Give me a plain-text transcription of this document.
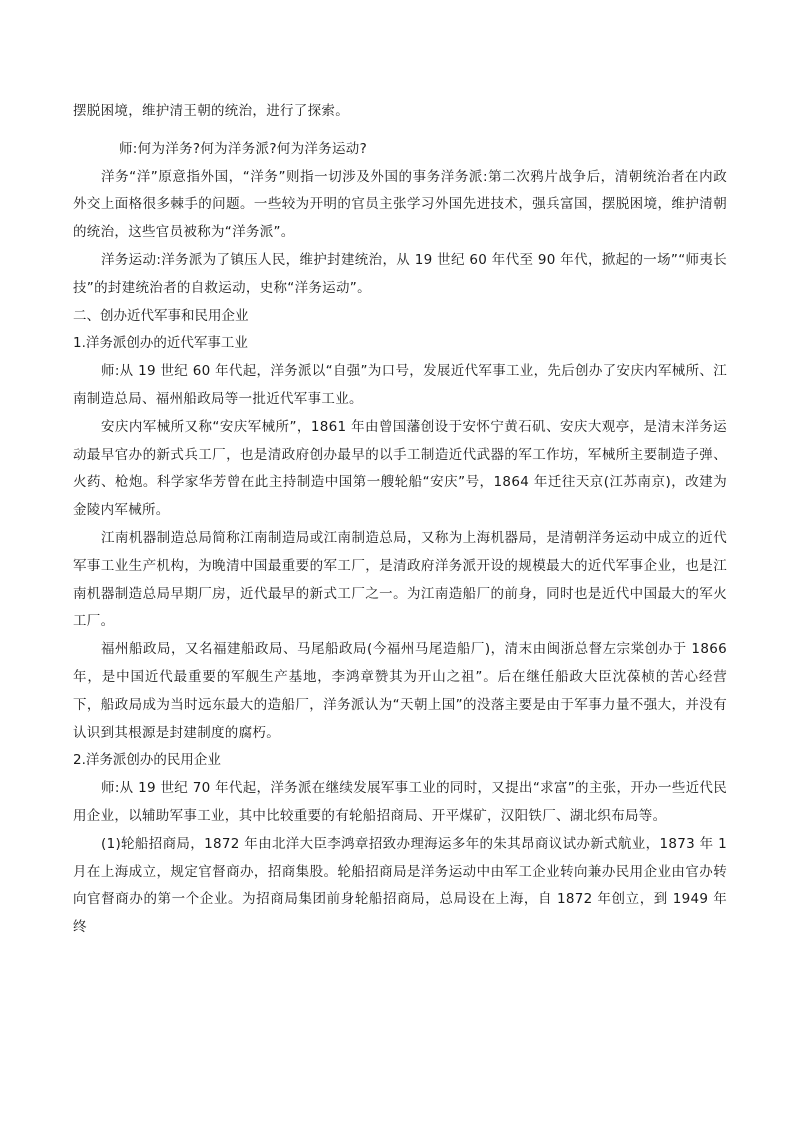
摆脱困境，维护清王朝的统治，进行了探索。

师:何为洋务?何为洋务派?何为洋务运动?

洋务“洋”原意指外国，“洋务”则指一切涉及外国的事务洋务派:第二次鸦片战争后，清朝统治者在内政外交上面格很多棘手的问题。一些较为开明的官员主张学习外国先进技术，强兵富国，摆脱困境，维护清朝的统治，这些官员被称为“洋务派”。

洋务运动:洋务派为了镇压人民，维护封建统治，从 19 世纪 60 年代至 90 年代，掀起的一场”“师夷长技”的封建统治者的自救运动，史称“洋务运动”。

二、创办近代军事和民用企业

1.洋务派创办的近代军事工业

师:从 19 世纪 60 年代起，洋务派以“自强”为口号，发展近代军事工业，先后创办了安庆内军械所、江南制造总局、福州船政局等一批近代军事工业。

安庆内军械所又称“安庆军械所”，1861 年由曾国藩创设于安怀宁黄石矶、安庆大观亭，是清末洋务运动最早官办的新式兵工厂，也是清政府创办最早的以手工制造近代武器的军工作坊，军械所主要制造子弹、火药、枪炮。科学家华芳曾在此主持制造中国第一艘轮船“安庆”号，1864 年迁往天京(江苏南京)，改建为金陵内军械所。

江南机器制造总局简称江南制造局或江南制造总局，又称为上海机器局，是清朝洋务运动中成立的近代军事工业生产机构，为晚清中国最重要的军工厂，是清政府洋务派开设的规模最大的近代军事企业，也是江南机器制造总局早期厂房，近代最早的新式工厂之一。为江南造船厂的前身，同时也是近代中国最大的军火工厂。

福州船政局，又名福建船政局、马尾船政局(今福州马尾造船厂)，清末由闽浙总督左宗棠创办于 1866 年，是中国近代最重要的军舰生产基地，李鸿章赞其为开山之祖”。后在继任船政大臣沈葆桢的苦心经营下，船政局成为当时远东最大的造船厂，洋务派认为“天朝上国”的没落主要是由于军事力量不强大，并没有认识到其根源是封建制度的腐朽。

2.洋务派创办的民用企业

师:从 19 世纪 70 年代起，洋务派在继续发展军事工业的同时，又提出“求富”的主张，开办一些近代民用企业，以辅助军事工业，其中比较重要的有轮船招商局、开平煤矿，汉阳铁厂、湖北织布局等。

(1)轮船招商局，1872 年由北洋大臣李鸿章招致办理海运多年的朱其昂商议试办新式航业，1873 年 1 月在上海成立，规定官督商办，招商集股。轮船招商局是洋务运动中由军工企业转向兼办民用企业由官办转向官督商办的第一个企业。为招商局集团前身轮船招商局，总局设在上海，自 1872 年创立，到 1949 年终
